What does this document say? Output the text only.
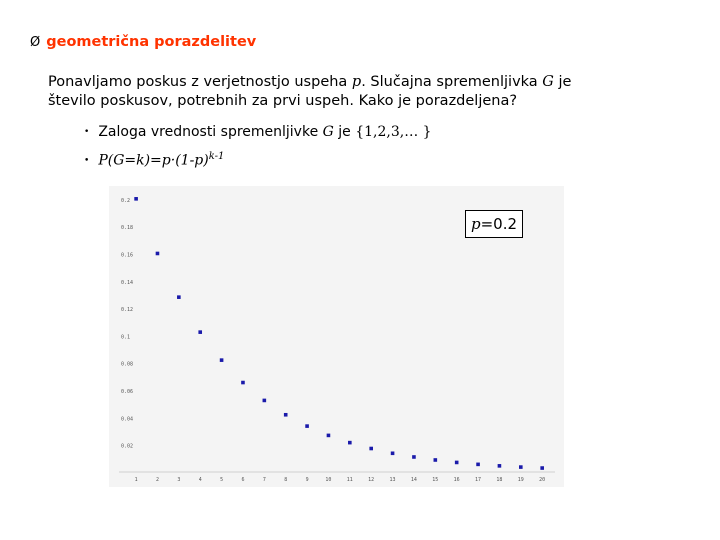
Ø geometrična porazdelitev
Ponavljamo poskus z verjetnostjo uspeha p. Slučajna spremenljivka G je
število poskusov, potrebnih za prvi uspeh. Kako je porazdeljena?
• Zaloga vrednosti spremenljivke G je {1,2,3,… }
• $P(G=k)=p\cdot(1-p)^{k-1}$
0.2
0.18
0.16
0.14
0.12
0.1
0.08
0.06
0.04
0.02
1	2	3	4	5	6	7	8	9	10	11	12	13	14	15	16	17	18	19	20
p =0.2
